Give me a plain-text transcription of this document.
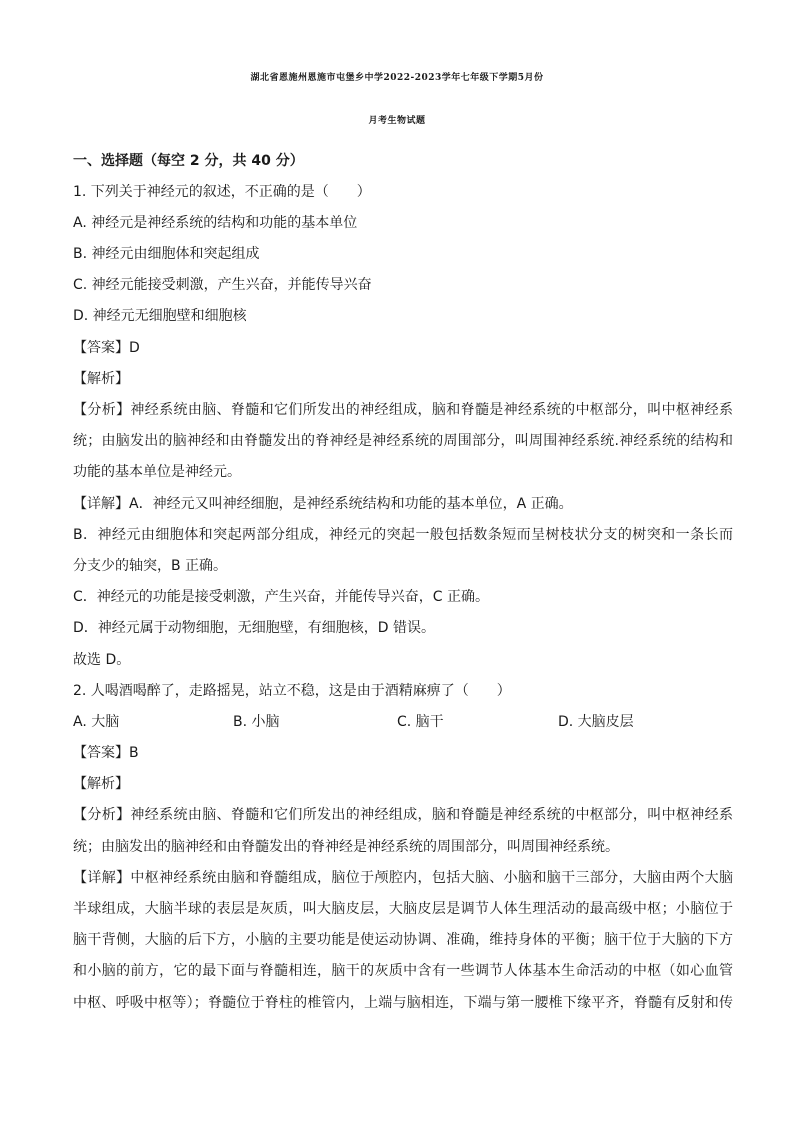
湖北省恩施州恩施市屯堡乡中学2022-2023学年七年级下学期5月份
月考生物试题
一、选择题（每空 2 分，共 40 分）
1. 下列关于神经元的叙述，不正确的是（　　）
A. 神经元是神经系统的结构和功能的基本单位
B. 神经元由细胞体和突起组成
C. 神经元能接受刺激，产生兴奋，并能传导兴奋
D. 神经元无细胞壁和细胞核
【答案】D
【解析】
【分析】神经系统由脑、脊髓和它们所发出的神经组成，脑和脊髓是神经系统的中枢部分，叫中枢神经系
统；由脑发出的脑神经和由脊髓发出的脊神经是神经系统的周围部分，叫周围神经系统.神经系统的结构和
功能的基本单位是神经元。
【详解】A．神经元又叫神经细胞，是神经系统结构和功能的基本单位，A 正确。
B．神经元由细胞体和突起两部分组成，神经元的突起一般包括数条短而呈树枝状分支的树突和一条长而
分支少的轴突，B 正确。
C．神经元的功能是接受刺激，产生兴奋，并能传导兴奋，C 正确。
D．神经元属于动物细胞，无细胞壁，有细胞核，D 错误。
故选 D。
2. 人喝酒喝醉了，走路摇晃，站立不稳，这是由于酒精麻痹了（　　）
A. 大脑	B. 小脑	C. 脑干	D. 大脑皮层
【答案】B
【解析】
【分析】神经系统由脑、脊髓和它们所发出的神经组成，脑和脊髓是神经系统的中枢部分，叫中枢神经系
统；由脑发出的脑神经和由脊髓发出的脊神经是神经系统的周围部分，叫周围神经系统。
【详解】中枢神经系统由脑和脊髓组成，脑位于颅腔内，包括大脑、小脑和脑干三部分，大脑由两个大脑
半球组成，大脑半球的表层是灰质，叫大脑皮层，大脑皮层是调节人体生理活动的最高级中枢；小脑位于
脑干背侧，大脑的后下方，小脑的主要功能是使运动协调、准确，维持身体的平衡；脑干位于大脑的下方
和小脑的前方，它的最下面与脊髓相连，脑干的灰质中含有一些调节人体基本生命活动的中枢（如心血管
中枢、呼吸中枢等）；脊髓位于脊柱的椎管内，上端与脑相连，下端与第一腰椎下缘平齐，脊髓有反射和传
